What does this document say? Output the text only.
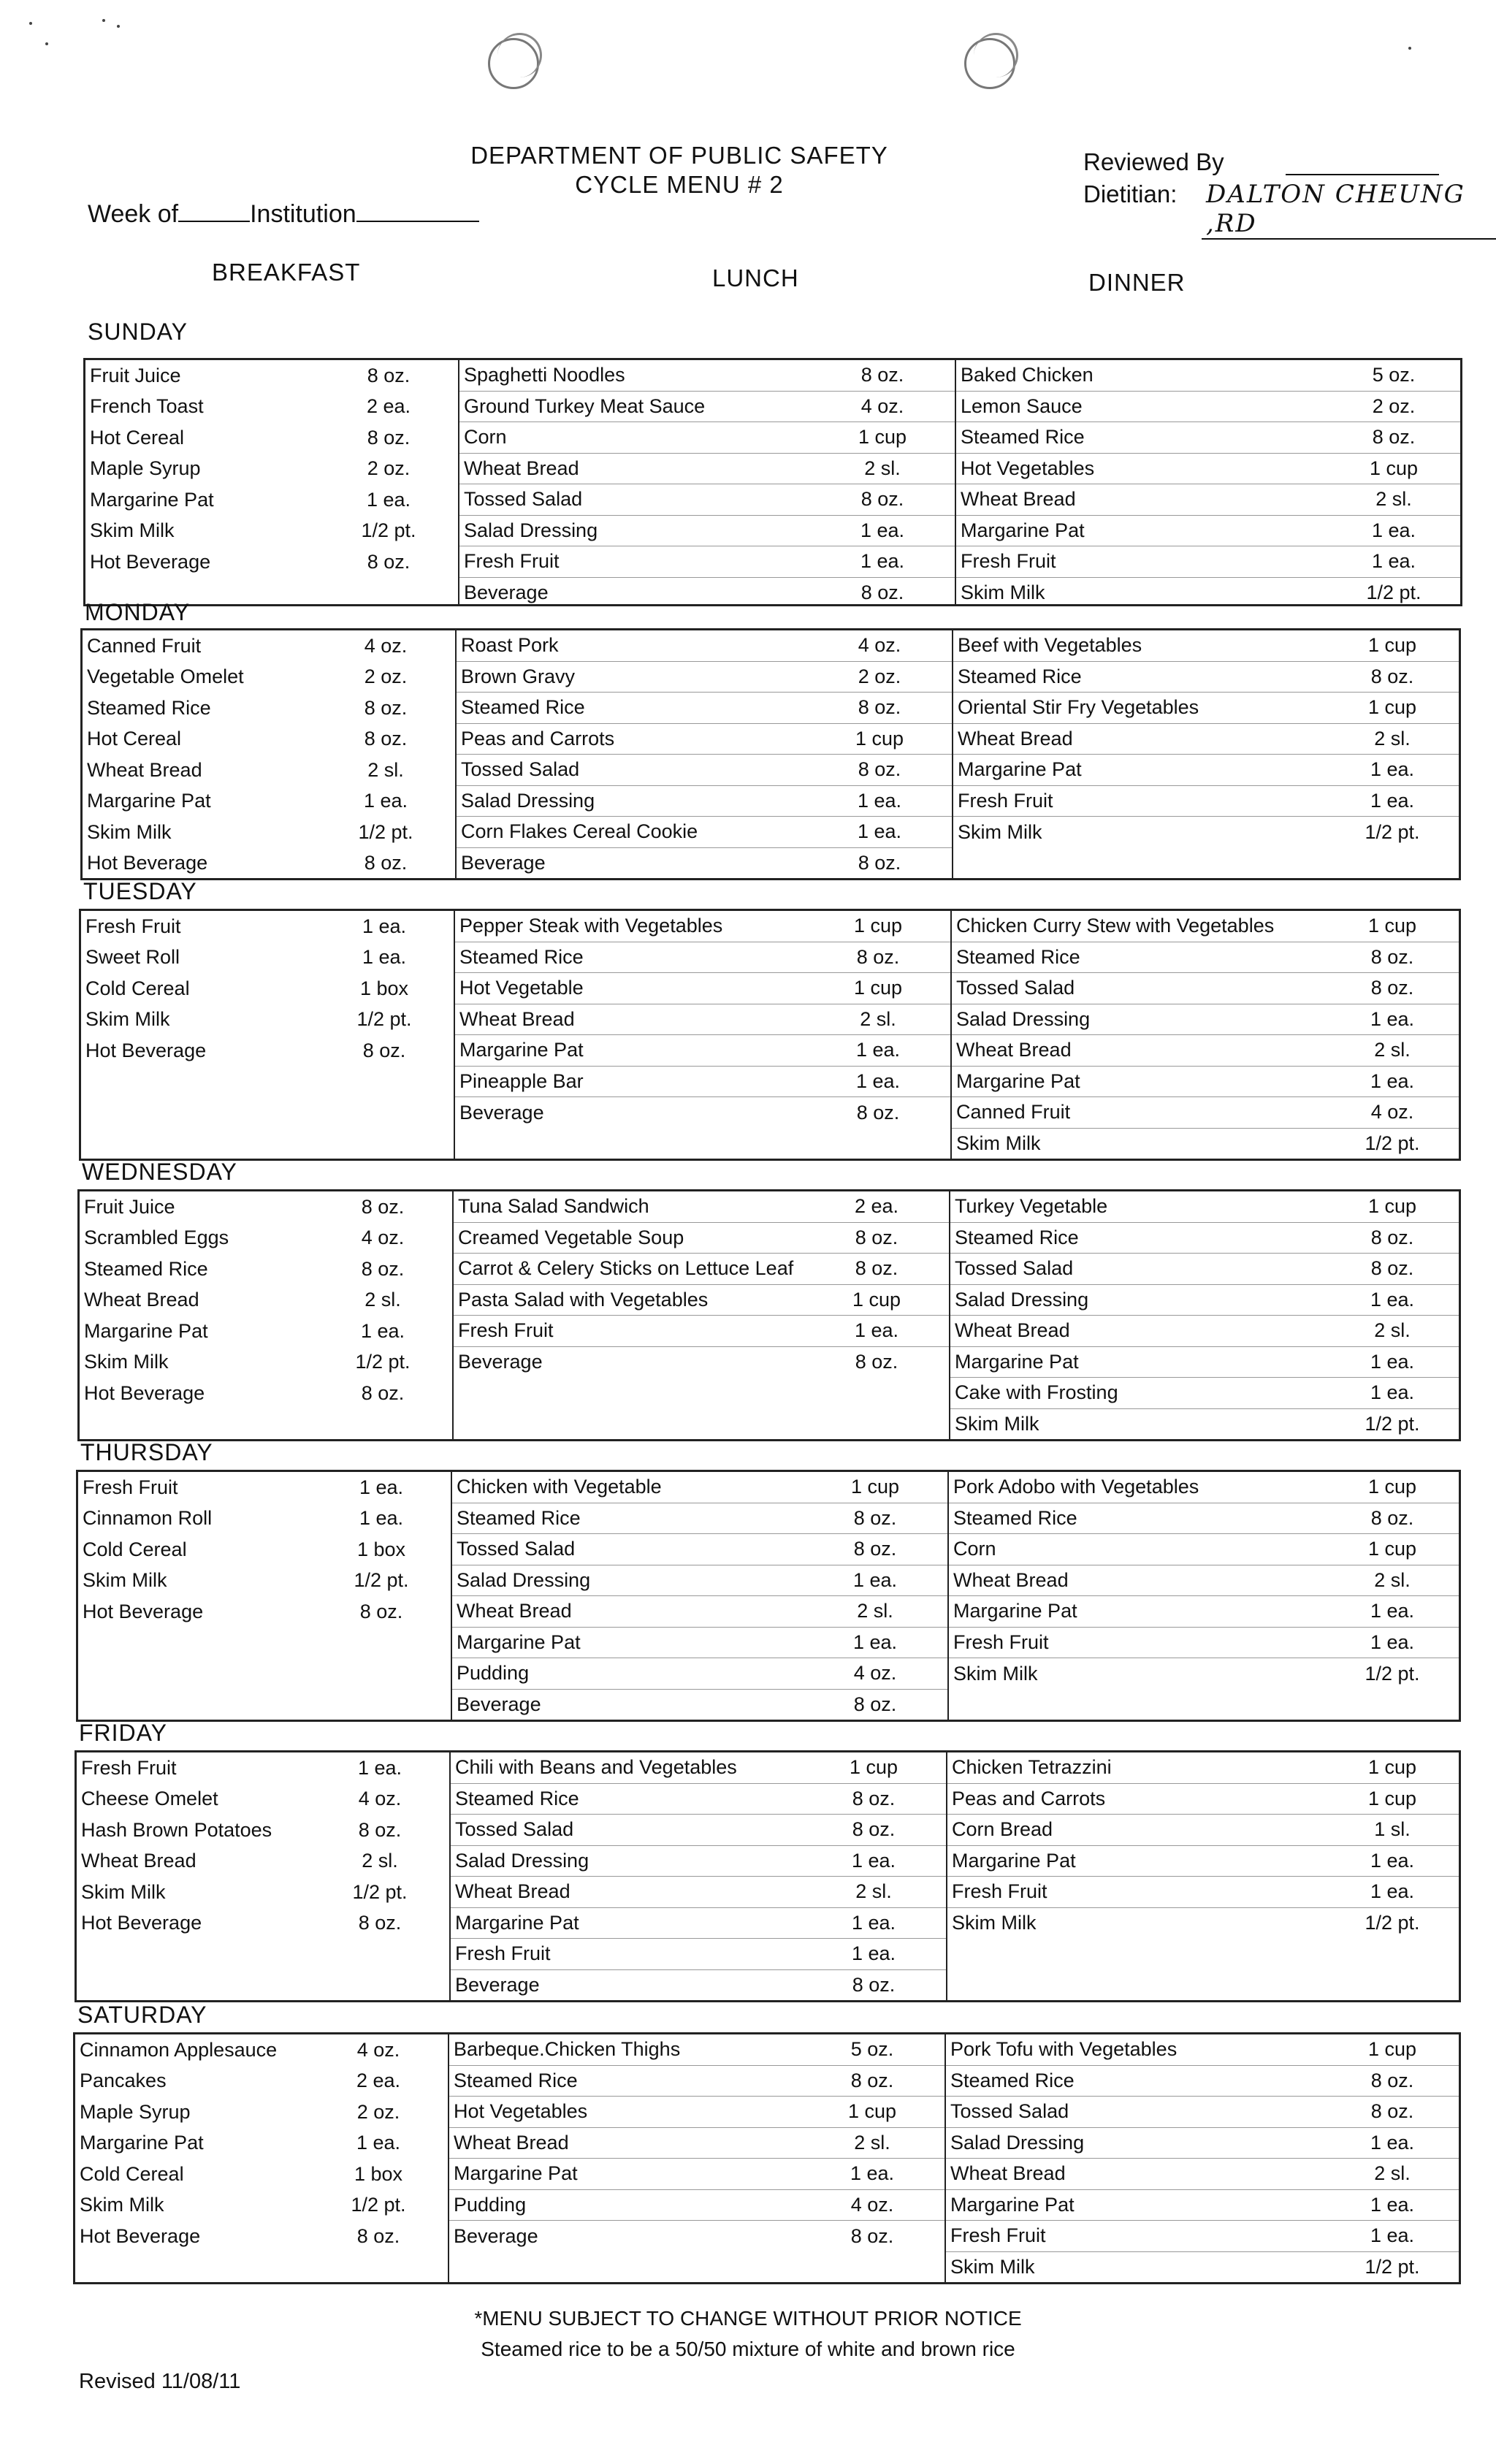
DEPARTMENT OF PUBLIC SAFETY
CYCLE MENU # 2
Week of	Institution
Reviewed By
Dietitian:	DALTON CHEUNG ,RD
BREAKFAST	LUNCH	DINNER
SUNDAY
Fruit Juice	8 oz.
French Toast	2 ea.
Hot Cereal	8 oz.
Maple Syrup	2 oz.
Margarine Pat	1 ea.
Skim Milk	1/2 pt.
Hot Beverage	8 oz.
Spaghetti Noodles	8 oz.
Ground Turkey Meat Sauce	4 oz.
Corn	1 cup
Wheat Bread	2 sl.
Tossed Salad	8 oz.
Salad Dressing	1 ea.
Fresh Fruit	1 ea.
Beverage	8 oz.
Baked Chicken	5 oz.
Lemon Sauce	2 oz.
Steamed Rice	8 oz.
Hot Vegetables	1 cup
Wheat Bread	2 sl.
Margarine Pat	1 ea.
Fresh Fruit	1 ea.
Skim Milk	1/2 pt.
MONDAY
Canned Fruit	4 oz.
Vegetable Omelet	2 oz.
Steamed Rice	8 oz.
Hot Cereal	8 oz.
Wheat Bread	2 sl.
Margarine Pat	1 ea.
Skim Milk	1/2 pt.
Hot Beverage	8 oz.
Roast Pork	4 oz.
Brown Gravy	2 oz.
Steamed Rice	8 oz.
Peas and Carrots	1 cup
Tossed Salad	8 oz.
Salad Dressing	1 ea.
Corn Flakes Cereal Cookie	1 ea.
Beverage	8 oz.
Beef with Vegetables	1 cup
Steamed Rice	8 oz.
Oriental Stir Fry Vegetables	1 cup
Wheat Bread	2 sl.
Margarine Pat	1 ea.
Fresh Fruit	1 ea.
Skim Milk	1/2 pt.
TUESDAY
Fresh Fruit	1 ea.
Sweet Roll	1 ea.
Cold Cereal	1 box
Skim Milk	1/2 pt.
Hot Beverage	8 oz.
Pepper Steak with Vegetables	1 cup
Steamed Rice	8 oz.
Hot Vegetable	1 cup
Wheat Bread	2 sl.
Margarine Pat	1 ea.
Pineapple Bar	1 ea.
Beverage	8 oz.
Chicken Curry Stew with Vegetables	1 cup
Steamed Rice	8 oz.
Tossed Salad	8 oz.
Salad Dressing	1 ea.
Wheat Bread	2 sl.
Margarine Pat	1 ea.
Canned Fruit	4 oz.
Skim Milk	1/2 pt.
WEDNESDAY
Fruit Juice	8 oz.
Scrambled Eggs	4 oz.
Steamed Rice	8 oz.
Wheat Bread	2 sl.
Margarine Pat	1 ea.
Skim Milk	1/2 pt.
Hot Beverage	8 oz.
Tuna Salad Sandwich	2 ea.
Creamed Vegetable Soup	8 oz.
Carrot & Celery Sticks on Lettuce Leaf	8 oz.
Pasta Salad with Vegetables	1 cup
Fresh Fruit	1 ea.
Beverage	8 oz.
Turkey Vegetable	1 cup
Steamed Rice	8 oz.
Tossed Salad	8 oz.
Salad Dressing	1 ea.
Wheat Bread	2 sl.
Margarine Pat	1 ea.
Cake with Frosting	1 ea.
Skim Milk	1/2 pt.
THURSDAY
Fresh Fruit	1 ea.
Cinnamon Roll	1 ea.
Cold Cereal	1 box
Skim Milk	1/2 pt.
Hot Beverage	8 oz.
Chicken with Vegetable	1 cup
Steamed Rice	8 oz.
Tossed Salad	8 oz.
Salad Dressing	1 ea.
Wheat Bread	2 sl.
Margarine Pat	1 ea.
Pudding	4 oz.
Beverage	8 oz.
Pork Adobo with Vegetables	1 cup
Steamed Rice	8 oz.
Corn	1 cup
Wheat Bread	2 sl.
Margarine Pat	1 ea.
Fresh Fruit	1 ea.
Skim Milk	1/2 pt.
FRIDAY
Fresh Fruit	1 ea.
Cheese Omelet	4 oz.
Hash Brown Potatoes	8 oz.
Wheat Bread	2 sl.
Skim Milk	1/2 pt.
Hot Beverage	8 oz.
Chili with Beans and Vegetables	1 cup
Steamed Rice	8 oz.
Tossed Salad	8 oz.
Salad Dressing	1 ea.
Wheat Bread	2 sl.
Margarine Pat	1 ea.
Fresh Fruit	1 ea.
Beverage	8 oz.
Chicken Tetrazzini	1 cup
Peas and Carrots	1 cup
Corn Bread	1 sl.
Margarine Pat	1 ea.
Fresh Fruit	1 ea.
Skim Milk	1/2 pt.
SATURDAY
Cinnamon Applesauce	4 oz.
Pancakes	2 ea.
Maple Syrup	2 oz.
Margarine Pat	1 ea.
Cold Cereal	1 box
Skim Milk	1/2 pt.
Hot Beverage	8 oz.
Barbeque.Chicken Thighs	5 oz.
Steamed Rice	8 oz.
Hot Vegetables	1 cup
Wheat Bread	2 sl.
Margarine Pat	1 ea.
Pudding	4 oz.
Beverage	8 oz.
Pork Tofu with Vegetables	1 cup
Steamed Rice	8 oz.
Tossed Salad	8 oz.
Salad Dressing	1 ea.
Wheat Bread	2 sl.
Margarine Pat	1 ea.
Fresh Fruit	1 ea.
Skim Milk	1/2 pt.
*MENU SUBJECT TO CHANGE WITHOUT PRIOR NOTICE
Steamed rice to be a 50/50 mixture of white and brown rice
Revised 11/08/11
